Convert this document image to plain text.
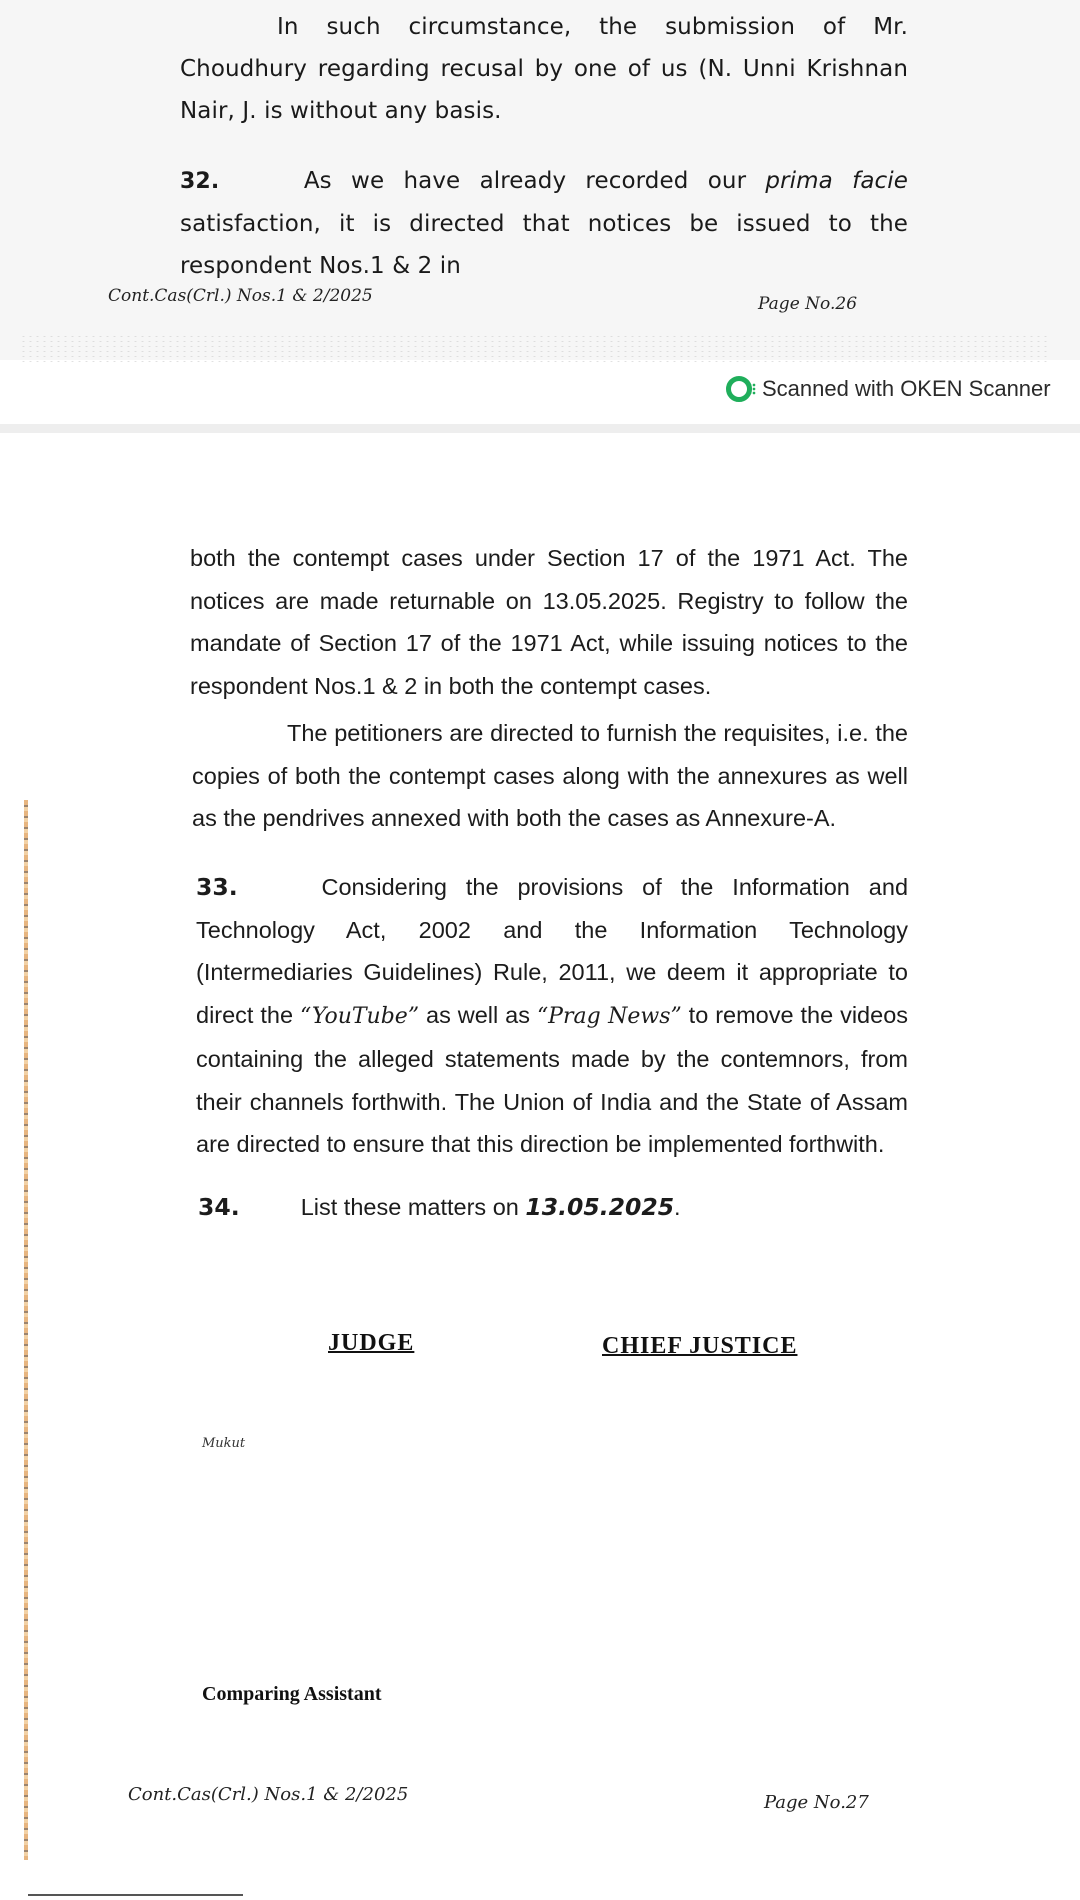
In such circumstance, the submission of Mr. Choudhury regarding recusal by one of us (N. Unni Krishnan Nair, J. is without any basis.

32.	As we have already recorded our prima facie satisfaction, it is directed that notices be issued to the respondent Nos.1 & 2 in

Cont.Cas(Crl.) Nos.1 & 2/2025	Page No.26
Scanned with OKEN Scanner

both the contempt cases under Section 17 of the 1971 Act. The notices are made returnable on 13.05.2025. Registry to follow the mandate of Section 17 of the 1971 Act, while issuing notices to the respondent Nos.1 & 2 in both the contempt cases.

The petitioners are directed to furnish the requisites, i.e. the copies of both the contempt cases along with the annexures as well as the pendrives annexed with both the cases as Annexure-A.

33.	Considering the provisions of the Information and Technology Act, 2002 and the Information Technology (Intermediaries Guidelines) Rule, 2011, we deem it appropriate to direct the “YouTube” as well as “Prag News” to remove the videos containing the alleged statements made by the contemnors, from their channels forthwith. The Union of India and the State of Assam are directed to ensure that this direction be implemented forthwith.

34.	List these matters on 13.05.2025.
JUDGE	CHIEF JUSTICE
Mukut
Comparing Assistant
Cont.Cas(Crl.) Nos.1 & 2/2025	Page No.27
